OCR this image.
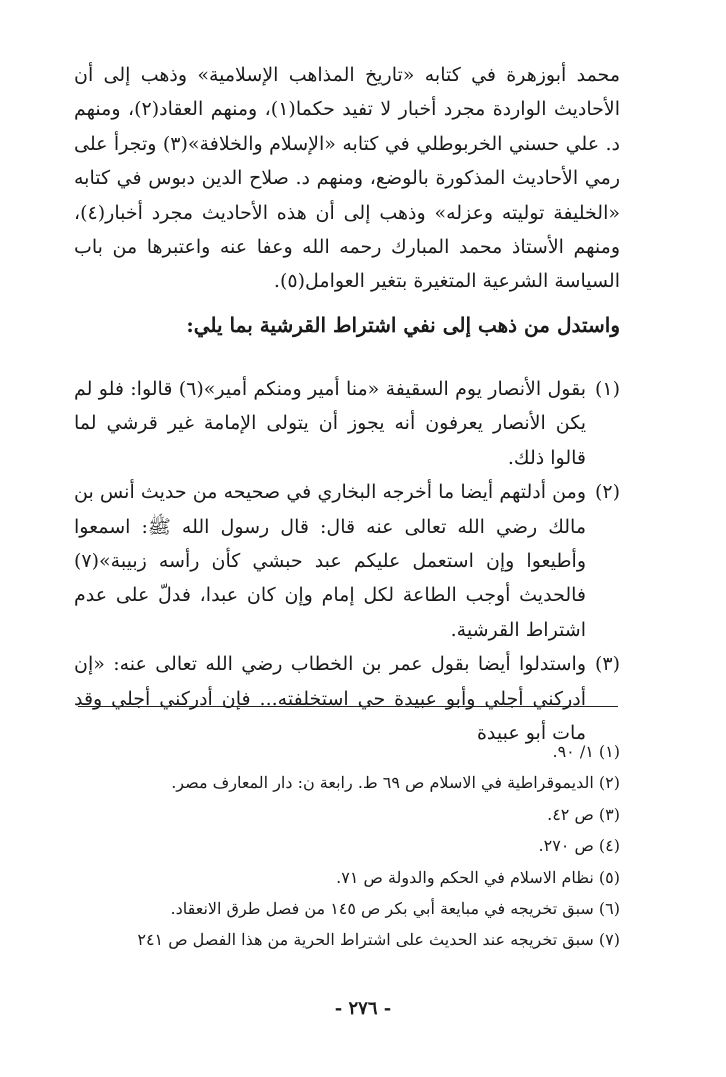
محمد أبوزهرة في كتابه «تاريخ المذاهب الإسلامية» وذهب إلى أن الأحاديث الواردة مجرد أخبار لا تفيد حكما(١)، ومنهم العقاد(٢)، ومنهم د. علي حسني الخربوطلي في كتابه «الإسلام والخلافة»(٣) وتجرأ على رمي الأحاديث المذكورة بالوضع، ومنهم د. صلاح الدين دبوس في كتابه «الخليفة توليته وعزله» وذهب إلى أن هذه الأحاديث مجرد أخبار(٤)، ومنهم الأستاذ محمد المبارك رحمه الله وعفا عنه واعتبرها من باب السياسة الشرعية المتغيرة بتغير العوامل(٥).

واستدل من ذهب إلى نفي اشتراط القرشية بما يلي:
(١)
بقول الأنصار يوم السقيفة «منا أمير ومنكم أمير»(٦) قالوا: فلو لم يكن الأنصار يعرفون أنه يجوز أن يتولى الإمامة غير قرشي لما قالوا ذلك.
(٢)
ومن أدلتهم أيضا ما أخرجه البخاري في صحيحه من حديث أنس بن مالك رضي الله تعالى عنه قال: قال رسول الله ﷺ: اسمعوا وأطيعوا وإن استعمل عليكم عبد حبشي كأن رأسه زبيبة»(٧) فالحديث أوجب الطاعة لكل إمام وإن كان عبدا، فدلّ على عدم اشتراط القرشية.
(٣)
واستدلوا أيضا بقول عمر بن الخطاب رضي الله تعالى عنه: «إن أدركني أجلي وأبو عبيدة حي استخلفته... فإن أدركني أجلي وقد مات أبو عبيدة
(١) ١/ ٩٠.
(٢) الديموقراطية في الاسلام ص ٦٩ ط. رابعة ن: دار المعارف مصر.
(٣) ص ٤٢.
(٤) ص ٢٧٠.
(٥) نظام الاسلام في الحكم والدولة ص ٧١.
(٦) سبق تخريجه في مبايعة أبي بكر ص ١٤٥ من فصل طرق الانعقاد.
(٧) سبق تخريجه عند الحديث على اشتراط الحرية من هذا الفصل ص ٢٤١
- ٢٧٦ -
